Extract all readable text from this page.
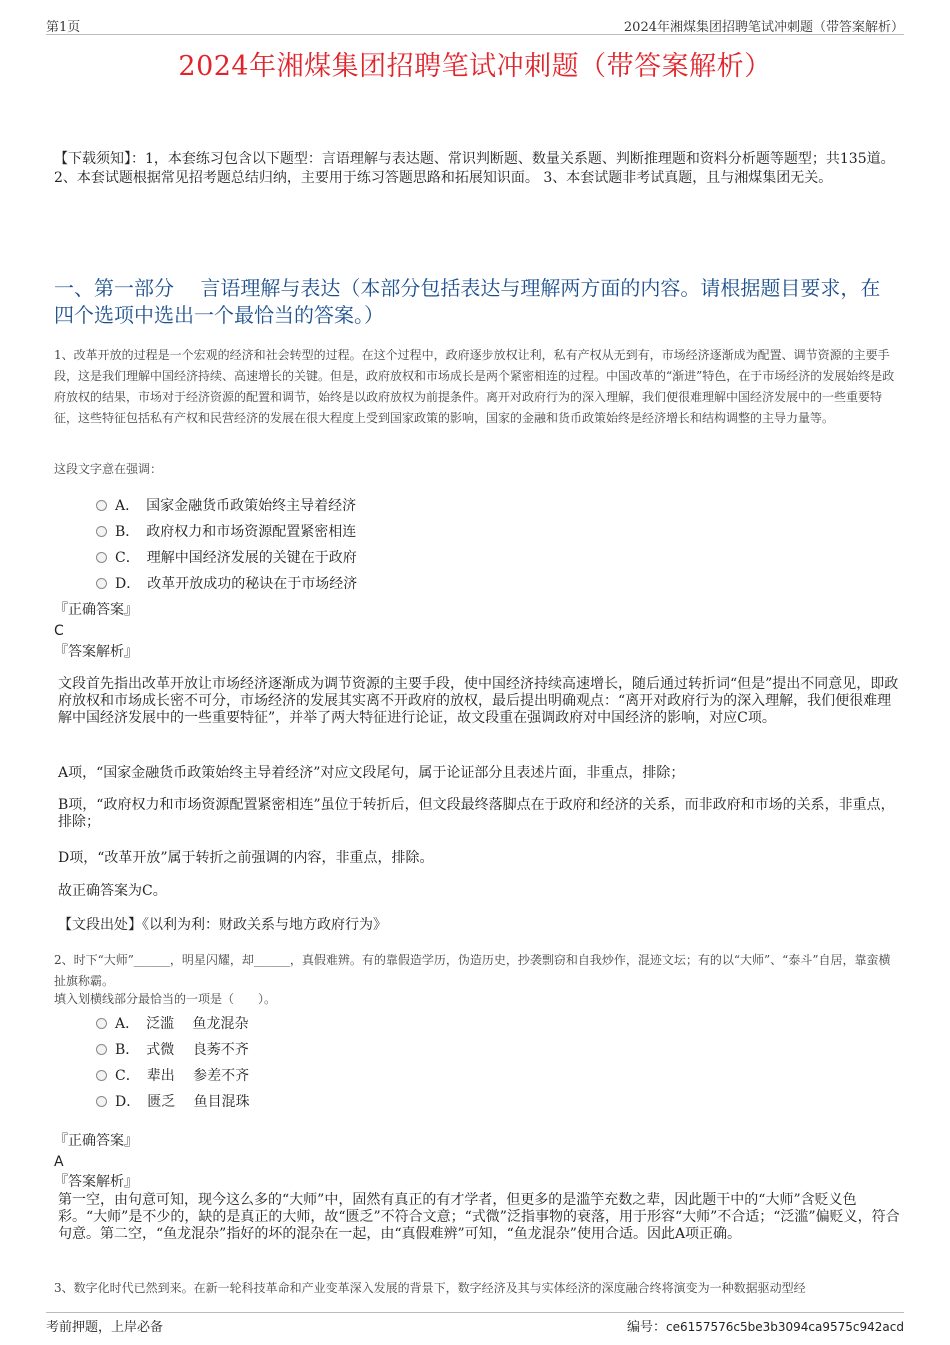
第1页	2024年湘煤集团招聘笔试冲刺题（带答案解析）
2024年湘煤集团招聘笔试冲刺题（带答案解析）
【下载须知】：1，本套练习包含以下题型：言语理解与表达题、常识判断题、数量关系题、判断推理题和资料分析题等题型；共135道。 2、本套试题根据常见招考题总结归纳，主要用于练习答题思路和拓展知识面。 3、本套试题非考试真题，且与湘煤集团无关。
一、第一部分　 言语理解与表达（本部分包括表达与理解两方面的内容。请根据题目要求，在四个选项中选出一个最恰当的答案。）
1、改革开放的过程是一个宏观的经济和社会转型的过程。在这个过程中，政府逐步放权让利，私有产权从无到有，市场经济逐渐成为配置、调节资源的主要手段，这是我们理解中国经济持续、高速增长的关键。但是，政府放权和市场成长是两个紧密相连的过程。中国改革的“渐进”特色，在于市场经济的发展始终是政府放权的结果，市场对于经济资源的配置和调节，始终是以政府放权为前提条件。离开对政府行为的深入理解，我们便很难理解中国经济发展中的一些重要特征，这些特征包括私有产权和民营经济的发展在很大程度上受到国家政策的影响，国家的金融和货币政策始终是经济增长和结构调整的主导力量等。
这段文字意在强调：
A．　国家金融货币政策始终主导着经济
B．　政府权力和市场资源配置紧密相连
C．　理解中国经济发展的关键在于政府
D．　改革开放成功的秘诀在于市场经济
『正确答案』
C
『答案解析』
文段首先指出改革开放让市场经济逐渐成为调节资源的主要手段，使中国经济持续高速增长，随后通过转折词“但是”提出不同意见，即政府放权和市场成长密不可分，市场经济的发展其实离不开政府的放权，最后提出明确观点：“离开对政府行为的深入理解，我们便很难理解中国经济发展中的一些重要特征”，并举了两大特征进行论证，故文段重在强调政府对中国经济的影响，对应C项。
A项，“国家金融货币政策始终主导着经济”对应文段尾句，属于论证部分且表述片面，非重点，排除；
B项，“政府权力和市场资源配置紧密相连”虽位于转折后，但文段最终落脚点在于政府和经济的关系，而非政府和市场的关系，非重点，排除；
D项，“改革开放”属于转折之前强调的内容，非重点，排除。
故正确答案为C。
【文段出处】《以利为利：财政关系与地方政府行为》
2、时下“大师”______，明星闪耀，却______，真假难辨。有的靠假造学历，伪造历史，抄袭剽窃和自我炒作，混迹文坛；有的以“大师”、“泰斗”自居，靠蛮横扯旗称霸。
填入划横线部分最恰当的一项是（　　）。
A．　泛滥　 鱼龙混杂
B．　式微　 良莠不齐
C．　辈出　 参差不齐
D．　匮乏　 鱼目混珠
『正确答案』
A
『答案解析』
第一空，由句意可知，现今这么多的“大师”中，固然有真正的有才学者，但更多的是滥竽充数之辈，因此题干中的“大师”含贬义色彩。“大师”是不少的，缺的是真正的大师，故“匮乏”不符合文意；“式微”泛指事物的衰落，用于形容“大师”不合适；“泛滥”偏贬义，符合句意。第二空，“鱼龙混杂”指好的坏的混杂在一起，由“真假难辨”可知，“鱼龙混杂”使用合适。因此A项正确。
3、数字化时代已然到来。在新一轮科技革命和产业变革深入发展的背景下，数字经济及其与实体经济的深度融合终将演变为一种数据驱动型经
考前押题，上岸必备	编号：ce6157576c5be3b3094ca9575c942acd
